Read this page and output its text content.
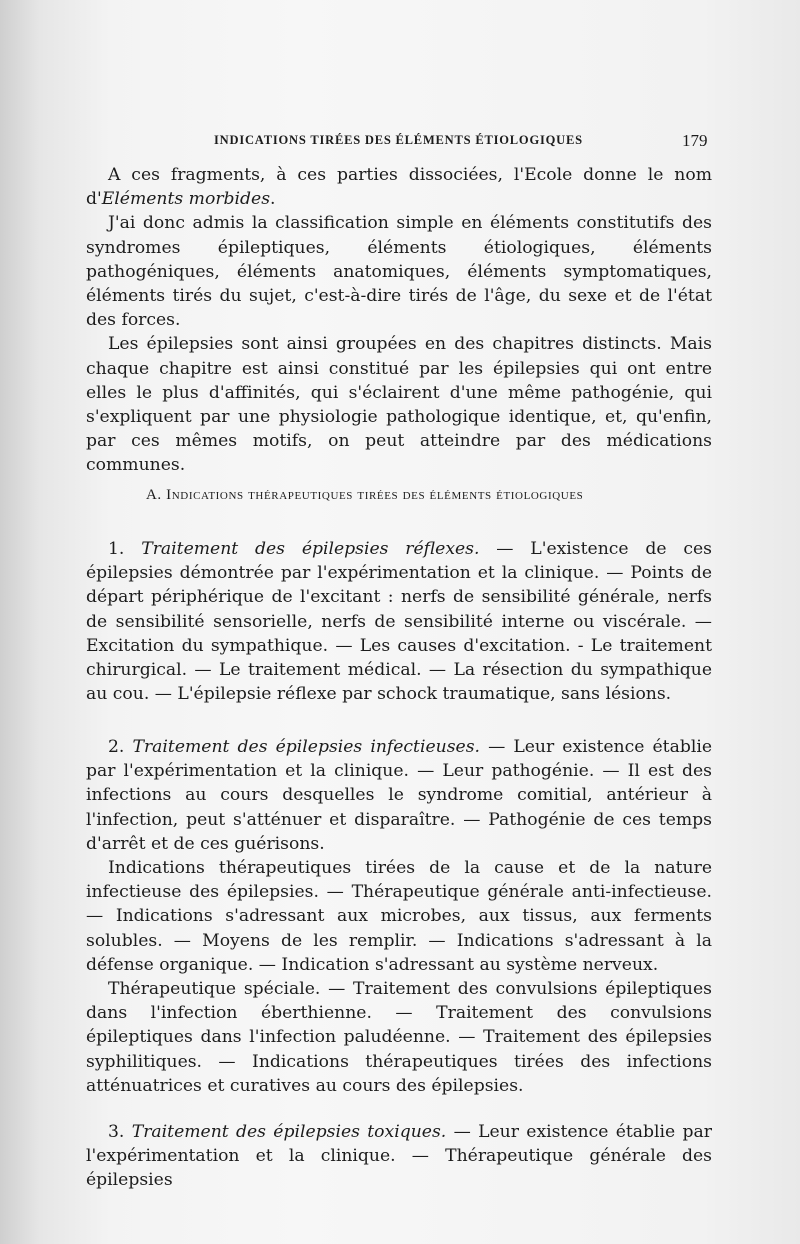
INDICATIONS TIRÉES DES ÉLÉMENTS ÉTIOLOGIQUES	179

A ces fragments, à ces parties dissociées, l'Ecole donne le nom d'Eléments morbides.

J'ai donc admis la classification simple en éléments constitutifs des syndromes épileptiques, éléments étiologiques, éléments pathogéniques, éléments anatomiques, éléments symptomatiques, éléments tirés du sujet, c'est-à-dire tirés de l'âge, du sexe et de l'état des forces.

Les épilepsies sont ainsi groupées en des chapitres distincts. Mais chaque chapitre est ainsi constitué par les épilepsies qui ont entre elles le plus d'affinités, qui s'éclairent d'une même pathogénie, qui s'expliquent par une physiologie pathologique identique, et, qu'enfin, par ces mêmes motifs, on peut atteindre par des médications communes.

A. Indications thérapeutiques tirées des éléments étiologiques

1. Traitement des épilepsies réflexes. — L'existence de ces épilepsies démontrée par l'expérimentation et la clinique. — Points de départ périphérique de l'excitant : nerfs de sensibilité générale, nerfs de sensibilité sensorielle, nerfs de sensibilité interne ou viscérale. — Excitation du sympathique. — Les causes d'excitation. - Le traitement chirurgical. — Le traitement médical. — La résection du sympathique au cou. — L'épilepsie réflexe par schock traumatique, sans lésions.

2. Traitement des épilepsies infectieuses. — Leur existence établie par l'expérimentation et la clinique. — Leur pathogénie. — Il est des infections au cours desquelles le syndrome comitial, antérieur à l'infection, peut s'atténuer et disparaître. — Pathogénie de ces temps d'arrêt et de ces guérisons.

Indications thérapeutiques tirées de la cause et de la nature infectieuse des épilepsies. — Thérapeutique générale anti-infectieuse. — Indications s'adressant aux microbes, aux tissus, aux ferments solubles. — Moyens de les remplir. — Indications s'adressant à la défense organique. — Indication s'adressant au système nerveux.

Thérapeutique spéciale. — Traitement des convulsions épileptiques dans l'infection éberthienne. — Traitement des convulsions épileptiques dans l'infection paludéenne. — Traitement des épilepsies syphilitiques. — Indications thérapeutiques tirées des infections atténuatrices et curatives au cours des épilepsies.

3. Traitement des épilepsies toxiques. — Leur existence établie par l'expérimentation et la clinique. — Thérapeutique générale des épilepsies
